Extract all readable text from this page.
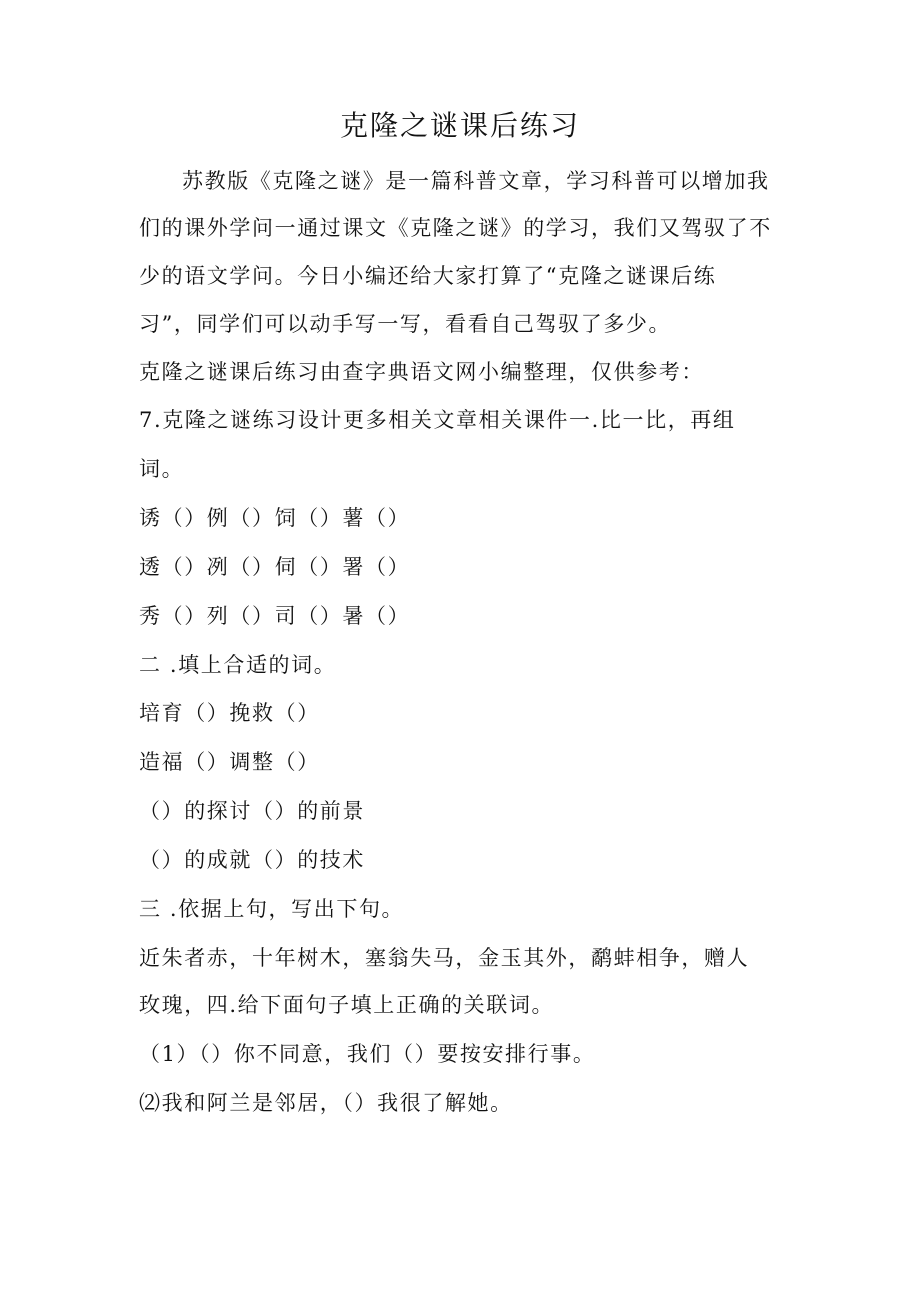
克隆之谜课后练习
苏教版《克隆之谜》是一篇科普文章，学习科普可以增加我
们的课外学问一通过课文《克隆之谜》的学习，我们又驾驭了不
少的语文学问。今日小编还给大家打算了“克隆之谜课后练
习”，同学们可以动手写一写，看看自己驾驭了多少。
克隆之谜课后练习由查字典语文网小编整理，仅供参考：
7.克隆之谜练习设计更多相关文章相关课件一.比一比，再组
词。
诱（）例（）饲（）薯（）
透（）冽（）伺（）署（）
秀（）列（）司（）暑（）
二 .填上合适的词。
培育（）挽救（）
造福（）调整（）
（）的探讨（）的前景
（）的成就（）的技术
三 .依据上句，写出下句。
近朱者赤，十年树木，塞翁失马，金玉其外，鹬蚌相争，赠人
玫瑰，四.给下面句子填上正确的关联词。
（1）（）你不同意，我们（）要按安排行事。
⑵我和阿兰是邻居，（）我很了解她。
